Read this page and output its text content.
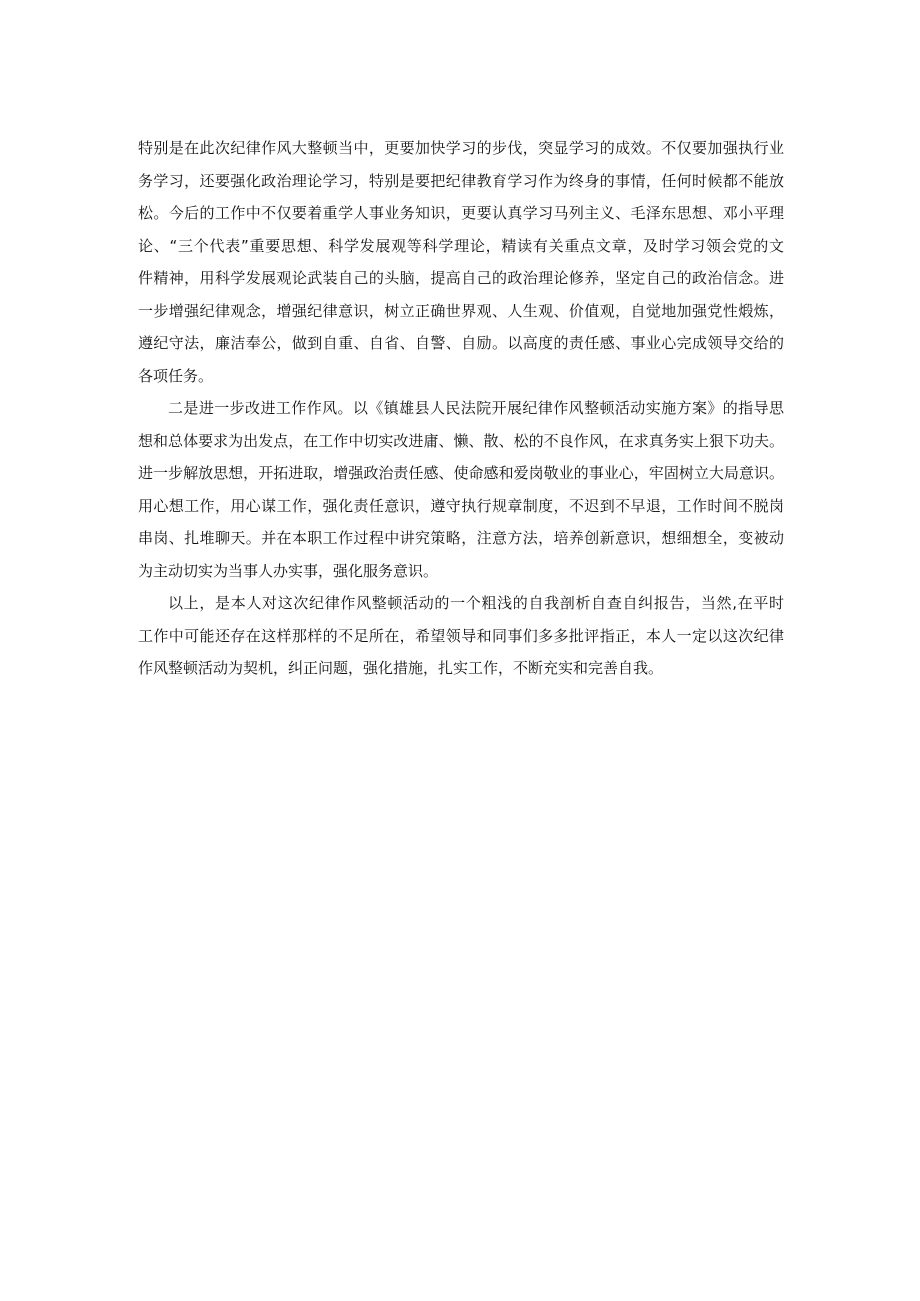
特别是在此次纪律作风大整顿当中，更要加快学习的步伐，突显学习的成效。不仅要加强执行业
务学习，还要强化政治理论学习，特别是要把纪律教育学习作为终身的事情，任何时候都不能放
松。今后的工作中不仅要着重学人事业务知识，更要认真学习马列主义、毛泽东思想、邓小平理
论、“三个代表”重要思想、科学发展观等科学理论，精读有关重点文章，及时学习领会党的文
件精神，用科学发展观论武装自己的头脑，提高自己的政治理论修养，坚定自己的政治信念。进
一步增强纪律观念，增强纪律意识，树立正确世界观、人生观、价值观，自觉地加强党性煅炼，
遵纪守法，廉洁奉公，做到自重、自省、自警、自励。以高度的责任感、事业心完成领导交给的
各项任务。
二是进一步改进工作作风。以《镇雄县人民法院开展纪律作风整顿活动实施方案》的指导思
想和总体要求为出发点，在工作中切实改进庸、懒、散、松的不良作风，在求真务实上狠下功夫。
进一步解放思想，开拓进取，增强政治责任感、使命感和爱岗敬业的事业心，牢固树立大局意识。
用心想工作，用心谋工作，强化责任意识，遵守执行规章制度，不迟到不早退，工作时间不脱岗
串岗、扎堆聊天。并在本职工作过程中讲究策略，注意方法，培养创新意识，想细想全，变被动
为主动切实为当事人办实事，强化服务意识。
以上，是本人对这次纪律作风整顿活动的一个粗浅的自我剖析自查自纠报告，当然,在平时
工作中可能还存在这样那样的不足所在，希望领导和同事们多多批评指正，本人一定以这次纪律
作风整顿活动为契机，纠正问题，强化措施，扎实工作，不断充实和完善自我。
